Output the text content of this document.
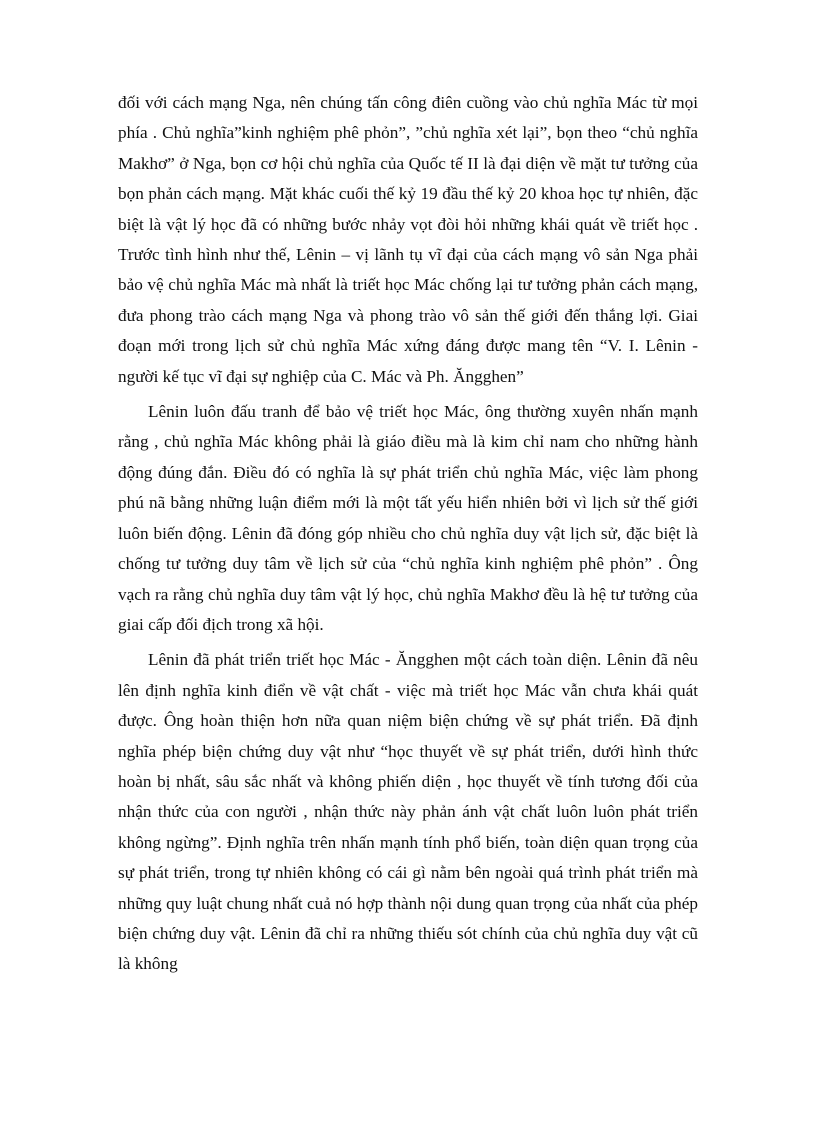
đối với cách mạng Nga, nên chúng tấn công điên cuồng vào chủ nghĩa Mác từ mọi phía . Chủ nghĩa”kinh nghiệm phê phỏn”, ”chủ nghĩa xét lại”, bọn theo “chủ nghĩa Makhơ” ở Nga, bọn cơ hội chủ nghĩa của Quốc tế II là đại diện về mặt tư tưởng của bọn phản cách mạng. Mặt khác cuối thế kỷ 19 đầu thế kỷ 20 khoa học tự nhiên, đặc biệt là vật lý học đã có những bước nhảy vọt đòi hỏi những khái quát về triết học . Trước tình hình như thế, Lênin – vị lãnh tụ vĩ đại của cách mạng vô sản Nga phải bảo vệ chủ nghĩa Mác mà nhất là triết học Mác chống lại tư tưởng phản cách mạng, đưa phong trào cách mạng Nga và phong trào vô sản thế giới đến thắng lợi. Giai đoạn mới trong lịch sử chủ nghĩa Mác xứng đáng được mang tên “V. I. Lênin - người kế tục vĩ đại sự nghiệp của C. Mác và Ph. Ăngghen”

Lênin luôn đấu tranh để bảo vệ triết học Mác, ông thường xuyên nhấn mạnh rằng , chủ nghĩa Mác không phải là giáo điều mà là kim chỉ nam cho những hành động đúng đắn. Điều đó có nghĩa là sự phát triển chủ nghĩa Mác, việc làm phong phú nã bằng những luận điểm mới là một tất yếu hiển nhiên bởi vì lịch sử thế giới luôn biến động. Lênin đã đóng góp nhiều cho chủ nghĩa duy vật lịch sử, đặc biệt là chống tư tưởng duy tâm về lịch sử của “chủ nghĩa kinh nghiệm phê phỏn” . Ông vạch ra rằng chủ nghĩa duy tâm vật lý học, chủ nghĩa Makhơ đều là hệ tư tưởng của giai cấp đối địch trong xã hội.

Lênin đã phát triển triết học Mác - Ăngghen một cách toàn diện. Lênin đã nêu lên định nghĩa kinh điển về vật chất - việc mà triết học Mác vẫn chưa khái quát được. Ông hoàn thiện hơn nữa quan niệm biện chứng về sự phát triển. Đã định nghĩa phép biện chứng duy vật như “học thuyết về sự phát triển, dưới hình thức hoàn bị nhất, sâu sắc nhất và không phiến diện , học thuyết về tính tương đối của nhận thức của con người , nhận thức này phản ánh vật chất luôn luôn phát triển không ngừng”. Định nghĩa trên nhấn mạnh tính phổ biến, toàn diện quan trọng của sự phát triển, trong tự nhiên không có cái gì nằm bên ngoài quá trình phát triển mà những quy luật chung nhất cuả nó hợp thành nội dung quan trọng của nhất của phép biện chứng duy vật. Lênin đã chỉ ra những thiếu sót chính của chủ nghĩa duy vật cũ là không
